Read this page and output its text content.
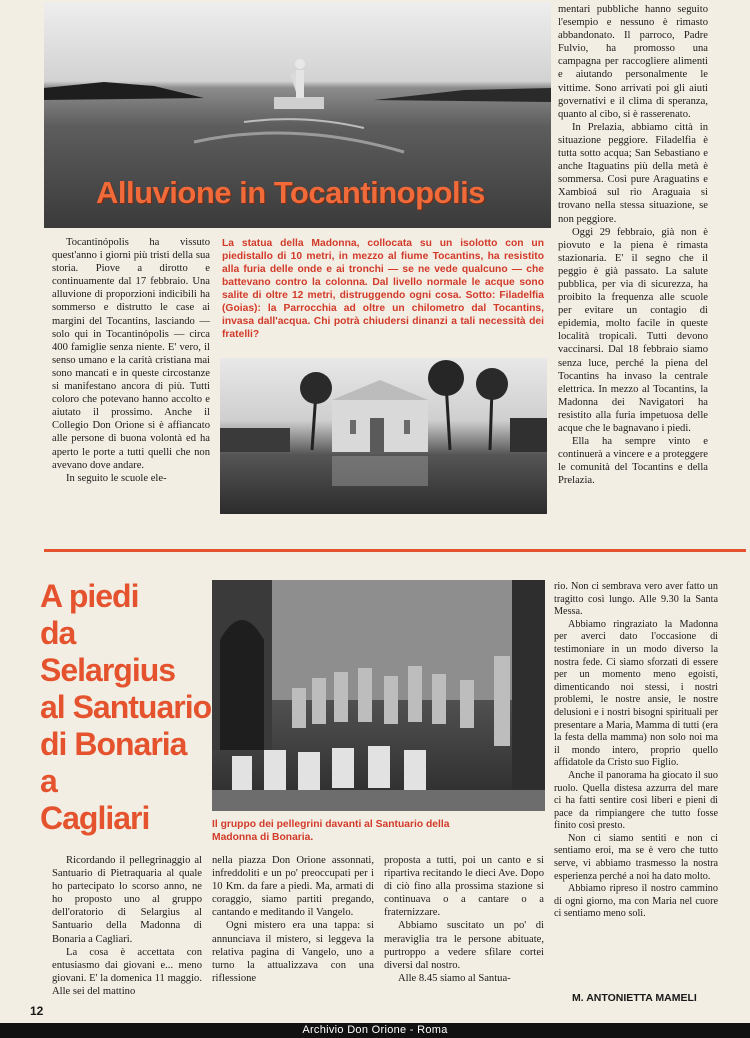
Alluvione in Tocantinopolis

Tocantinópolis ha vissuto quest'anno i giorni più tristi della sua storia. Piove a dirotto e continuamente dal 17 febbraio. Una alluvione di proporzioni indicibili ha sommerso e distrutto le case ai margini del Tocantins, lasciando — solo qui in Tocantinópolis — circa 400 famiglie senza niente. E' vero, il senso umano e la carità cristiana mai sono mancati e in queste circostanze si manifestano ancora di più. Tutti coloro che potevano hanno accolto e aiutato il prossimo. Anche il Collegio Don Orione si è affiancato alle persone di buona volontà ed ha aperto le porte a tutti quelli che non avevano dove andare.

In seguito le scuole ele-

La statua della Madonna, collocata su un isolotto con un piedistallo di 10 metri, in mezzo al fiume Tocantins, ha resistito alla furia delle onde e ai tronchi — se ne vede qualcuno — che battevano contro la colonna. Dal livello normale le acque sono salite di oltre 12 metri, distruggendo ogni cosa. Sotto: Filadelfia (Goias): la Parrocchia ad oltre un chilometro dal Tocantins, invasa dall'acqua. Chi potrà chiudersi dinanzi a tali necessità dei fratelli?

mentari pubbliche hanno seguito l'esempio e nessuno è rimasto abbandonato. Il parroco, Padre Fulvio, ha promosso una campagna per raccogliere alimenti e aiutando personalmente le vittime. Sono arrivati poi gli aiuti governativi e il clima di speranza, quanto al cibo, si è rasserenato.

In Prelazia, abbiamo città in situazione peggiore. Filadelfia è tutta sotto acqua; San Sebastiano e anche Itaguatins più della metà è sommersa. Così pure Araguatins e Xambioá sul rio Araguaia si trovano nella stessa situazione, se non peggiore.

Oggi 29 febbraio, già non è piovuto e la piena è rimasta stazionaria. E' il segno che il peggio è già passato. La salute pubblica, per via di sicurezza, ha proibito la frequenza alle scuole per evitare un contagio di epidemia, molto facile in queste località tropicali. Tutti devono vaccinarsi. Dal 18 febbraio siamo senza luce, perché la piena del Tocantins ha invaso la centrale elettrica. In mezzo al Tocantins, la Madonna dei Navigatori ha resistito alla furia impetuosa delle acque che le bagnavano i piedi.

Ella ha sempre vinto e continuerà a vincere e a proteggere le comunità del Tocantins e della Prelazia.

A piedi
da
Selargius
al Santuario
di Bonaria
a
Cagliari	Il gruppo dei pellegrini davanti al Santuario della Madonna di Bonaria.

Ricordando il pellegrinaggio al Santuario di Pietraquaria al quale ho partecipato lo scorso anno, ne ho proposto uno al gruppo dell'oratorio di Selargius al Santuario della Madonna di Bonaria a Cagliari.

La cosa è accettata con entusiasmo dai giovani e... meno giovani. E' la domenica 11 maggio. Alle sei del mattino

nella piazza Don Orione assonnati, infreddoliti e un po' preoccupati per i 10 Km. da fare a piedi. Ma, armati di coraggio, siamo partiti pregando, cantando e meditando il Vangelo.

Ogni mistero era una tappa: si annunciava il mistero, si leggeva la relativa pagina di Vangelo, uno a turno la attualizzava con una riflessione

proposta a tutti, poi un canto e si ripartiva recitando le dieci Ave. Dopo di ciò fino alla prossima stazione si continuava o a cantare o a fraternizzare.

Abbiamo suscitato un po' di meraviglia tra le persone abituate, purtroppo a vedere sfilare cortei diversi dal nostro.

Alle 8.45 siamo al Santua-

rio. Non ci sembrava vero aver fatto un tragitto così lungo. Alle 9.30 la Santa Messa.

Abbiamo ringraziato la Madonna per averci dato l'occasione di testimoniare in un modo diverso la nostra fede. Ci siamo sforzati di essere per un momento meno egoisti, dimenticando noi stessi, i nostri problemi, le nostre ansie, le nostre delusioni e i nostri bisogni spirituali per presentare a Maria, Mamma di tutti (era la festa della mamma) non solo noi ma il mondo intero, proprio quello affidatole da Cristo suo Figlio.

Anche il panorama ha giocato il suo ruolo. Quella distesa azzurra del mare ci ha fatti sentire così liberi e pieni di pace da rimpiangere che tutto fosse finito così presto.

Non ci siamo sentiti e non ci sentiamo eroi, ma se è vero che tutto serve, vi abbiamo trasmesso la nostra esperienza perché a noi ha dato molto.

Abbiamo ripreso il nostro cammino di ogni giorno, ma con Maria nel cuore ci sentiamo meno soli.

M. ANTONIETTA MAMELI
12
Archivio Don Orione - Roma
